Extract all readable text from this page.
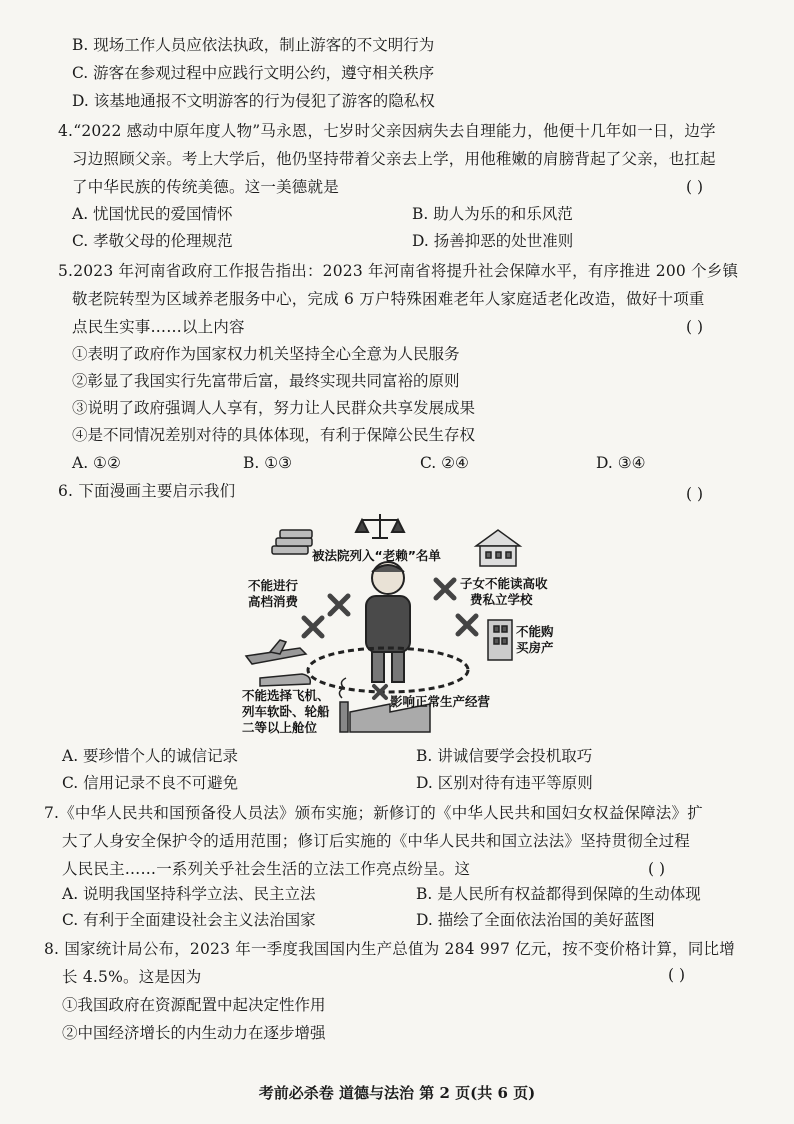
B. 现场工作人员应依法执政，制止游客的不文明行为
C. 游客在参观过程中应践行文明公约，遵守相关秩序
D. 该基地通报不文明游客的行为侵犯了游客的隐私权
4.“2022 感动中原年度人物”马永恩，七岁时父亲因病失去自理能力，他便十几年如一日，边学
习边照顾父亲。考上大学后，他仍坚持带着父亲去上学，用他稚嫩的肩膀背起了父亲，也扛起
了中华民族的传统美德。这一美德就是	( )
A. 忧国忧民的爱国情怀	B. 助人为乐的和乐风范
C. 孝敬父母的伦理规范	D. 扬善抑恶的处世准则
5.2023 年河南省政府工作报告指出：2023 年河南省将提升社会保障水平，有序推进 200 个乡镇
敬老院转型为区域养老服务中心，完成 6 万户特殊困难老年人家庭适老化改造，做好十项重
点民生实事……以上内容	( )
①表明了政府作为国家权力机关坚持全心全意为人民服务
②彰显了我国实行先富带后富，最终实现共同富裕的原则
③说明了政府强调人人享有，努力让人民群众共享发展成果
④是不同情况差别对待的具体体现，有利于保障公民生存权
A. ①②	B. ①③	C. ②④	D. ③④
6. 下面漫画主要启示我们	( )
被法院列入“老赖”名单
不能进行
高档消费
子女不能读高收
费私立学校
不能购
买房产
不能选择飞机、
列车软卧、轮船
二等以上舱位
影响正常生产经营
A. 要珍惜个人的诚信记录	B. 讲诚信要学会投机取巧
C. 信用记录不良不可避免	D. 区别对待有违平等原则
7.《中华人民共和国预备役人员法》颁布实施；新修订的《中华人民共和国妇女权益保障法》扩
大了人身安全保护令的适用范围；修订后实施的《中华人民共和国立法法》坚持贯彻全过程
人民民主……一系列关乎社会生活的立法工作亮点纷呈。这	( )
A. 说明我国坚持科学立法、民主立法	B. 是人民所有权益都得到保障的生动体现
C. 有利于全面建设社会主义法治国家	D. 描绘了全面依法治国的美好蓝图
8. 国家统计局公布，2023 年一季度我国国内生产总值为 284 997 亿元，按不变价格计算，同比增
长 4.5%。这是因为	( )
①我国政府在资源配置中起决定性作用
②中国经济增长的内生动力在逐步增强
考前必杀卷 道德与法治 第 2 页(共 6 页)
